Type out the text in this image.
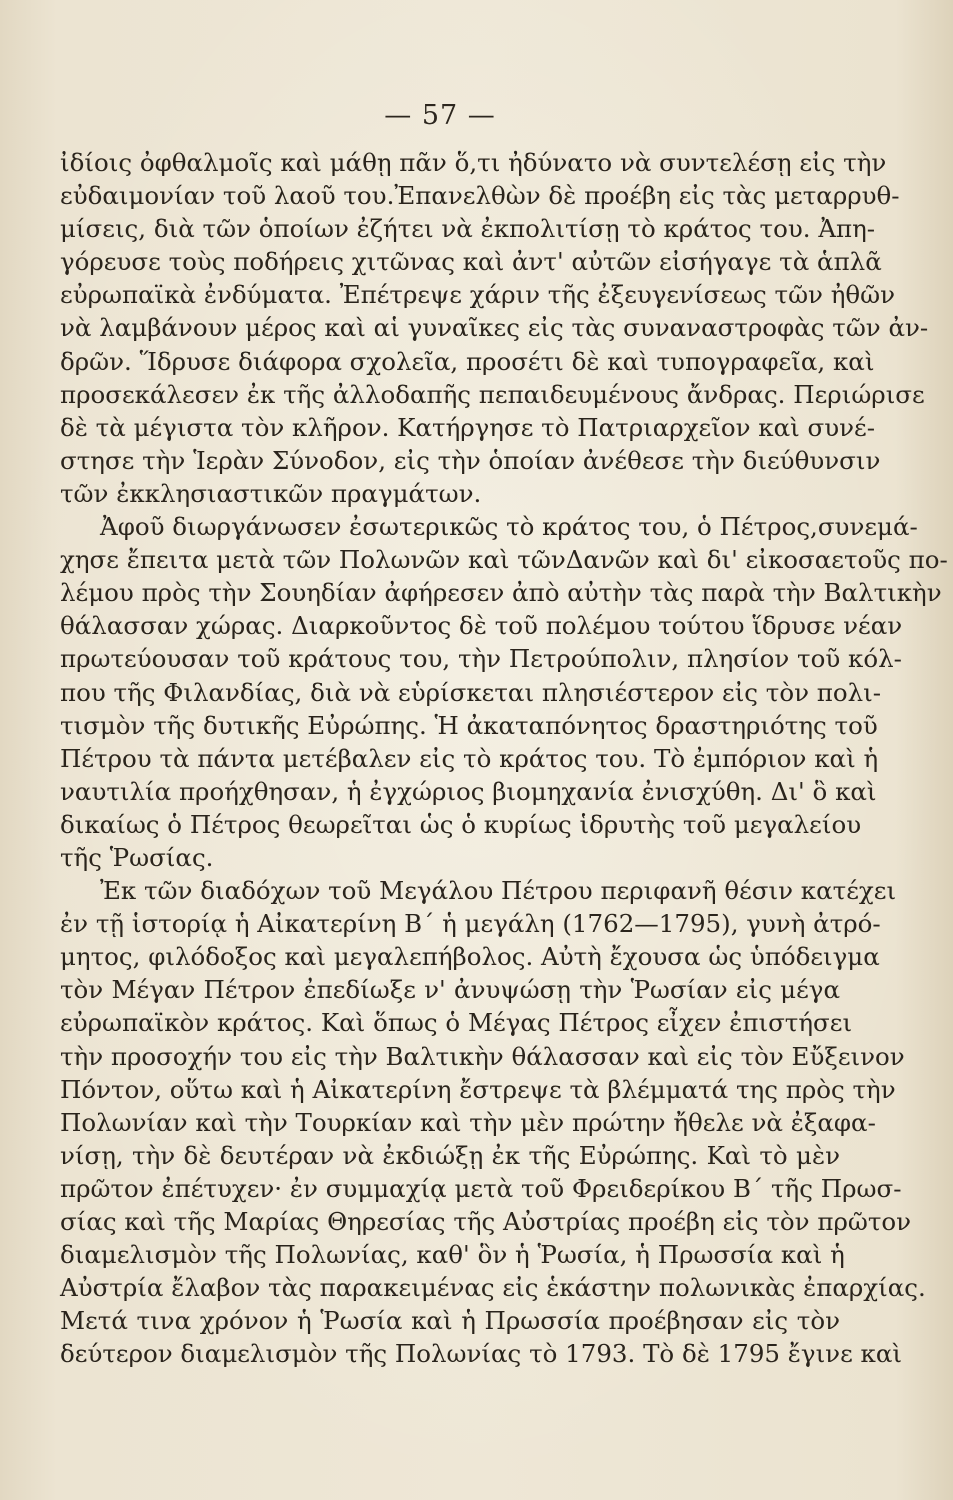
— 57 —
ἰδίοις ὀφθαλμοῖς καὶ μάθῃ πᾶν ὅ,τι ἠδύνατο νὰ συντελέσῃ εἰς τὴν
εὐδαιμονίαν τοῦ λαοῦ του.Ἐπανελθὼν δὲ προέβη εἰς τὰς μεταρρυθ-
μίσεις, διὰ τῶν ὁποίων ἐζήτει νὰ ἐκπολιτίσῃ τὸ κράτος του. Ἀπη-
γόρευσε τοὺς ποδήρεις χιτῶνας καὶ ἀντ' αὐτῶν εἰσήγαγε τὰ ἁπλᾶ
εὐρωπαϊκὰ ἐνδύματα. Ἐπέτρεψε χάριν τῆς ἐξευγενίσεως τῶν ἠθῶν
νὰ λαμβάνουν μέρος καὶ αἱ γυναῖκες εἰς τὰς συναναστροφὰς τῶν ἀν-
δρῶν. Ἵδρυσε διάφορα σχολεῖα, προσέτι δὲ καὶ τυπογραφεῖα, καὶ
προσεκάλεσεν ἐκ τῆς ἀλλοδαπῆς πεπαιδευμένους ἄνδρας. Περιώρισε
δὲ τὰ μέγιστα τὸν κλῆρον. Κατήργησε τὸ Πατριαρχεῖον καὶ συνέ-
στησε τὴν Ἱερὰν Σύνοδον, εἰς τὴν ὁποίαν ἀνέθεσε τὴν διεύθυνσιν
τῶν ἐκκλησιαστικῶν πραγμάτων.
Ἀφοῦ διωργάνωσεν ἐσωτερικῶς τὸ κράτος του, ὁ Πέτρος,συνεμά-
χησε ἔπειτα μετὰ τῶν Πολωνῶν καὶ τῶνΔανῶν καὶ δι' εἰκοσαετοῦς πο-
λέμου πρὸς τὴν Σουηδίαν ἀφήρεσεν ἀπὸ αὐτὴν τὰς παρὰ τὴν Βαλτικὴν
θάλασσαν χώρας. Διαρκοῦντος δὲ τοῦ πολέμου τούτου ἵδρυσε νέαν
πρωτεύουσαν τοῦ κράτους του, τὴν Πετρούπολιν, πλησίον τοῦ κόλ-
που τῆς Φιλανδίας, διὰ νὰ εὑρίσκεται πλησιέστερον εἰς τὸν πολι-
τισμὸν τῆς δυτικῆς Εὐρώπης. Ἡ ἀκαταπόνητος δραστηριότης τοῦ
Πέτρου τὰ πάντα μετέβαλεν εἰς τὸ κράτος του. Τὸ ἐμπόριον καὶ ἡ
ναυτιλία προήχθησαν, ἡ ἐγχώριος βιομηχανία ἐνισχύθη. Δι' ὃ καὶ
δικαίως ὁ Πέτρος θεωρεῖται ὡς ὁ κυρίως ἱδρυτὴς τοῦ μεγαλείου
τῆς Ῥωσίας.
Ἐκ τῶν διαδόχων τοῦ Μεγάλου Πέτρου περιφανῆ θέσιν κατέχει
ἐν τῇ ἱστορίᾳ ἡ Αἰκατερίνη Β΄ ἡ μεγάλη (1762—1795), γυνὴ ἀτρό-
μητος, φιλόδοξος καὶ μεγαλεπήβολος. Αὐτὴ ἔχουσα ὡς ὑπόδειγμα
τὸν Μέγαν Πέτρον ἐπεδίωξε ν' ἀνυψώσῃ τὴν Ῥωσίαν εἰς μέγα
εὐρωπαϊκὸν κράτος. Καὶ ὅπως ὁ Μέγας Πέτρος εἶχεν ἐπιστήσει
τὴν προσοχήν του εἰς τὴν Βαλτικὴν θάλασσαν καὶ εἰς τὸν Εὔξεινον
Πόντον, οὕτω καὶ ἡ Αἰκατερίνη ἔστρεψε τὰ βλέμματά της πρὸς τὴν
Πολωνίαν καὶ τὴν Τουρκίαν καὶ τὴν μὲν πρώτην ἤθελε νὰ ἐξαφα-
νίσῃ, τὴν δὲ δευτέραν νὰ ἐκδιώξῃ ἐκ τῆς Εὐρώπης. Καὶ τὸ μὲν
πρῶτον ἐπέτυχεν· ἐν συμμαχίᾳ μετὰ τοῦ Φρειδερίκου Β΄ τῆς Πρωσ-
σίας καὶ τῆς Μαρίας Θηρεσίας τῆς Αὐστρίας προέβη εἰς τὸν πρῶτον
διαμελισμὸν τῆς Πολωνίας, καθ' ὃν ἡ Ῥωσία, ἡ Πρωσσία καὶ ἡ
Αὐστρία ἔλαβον τὰς παρακειμένας εἰς ἑκάστην πολωνικὰς ἐπαρχίας.
Μετά τινα χρόνον ἡ Ῥωσία καὶ ἡ Πρωσσία προέβησαν εἰς τὸν
δεύτερον διαμελισμὸν τῆς Πολωνίας τὸ 1793. Τὸ δὲ 1795 ἔγινε καὶ
